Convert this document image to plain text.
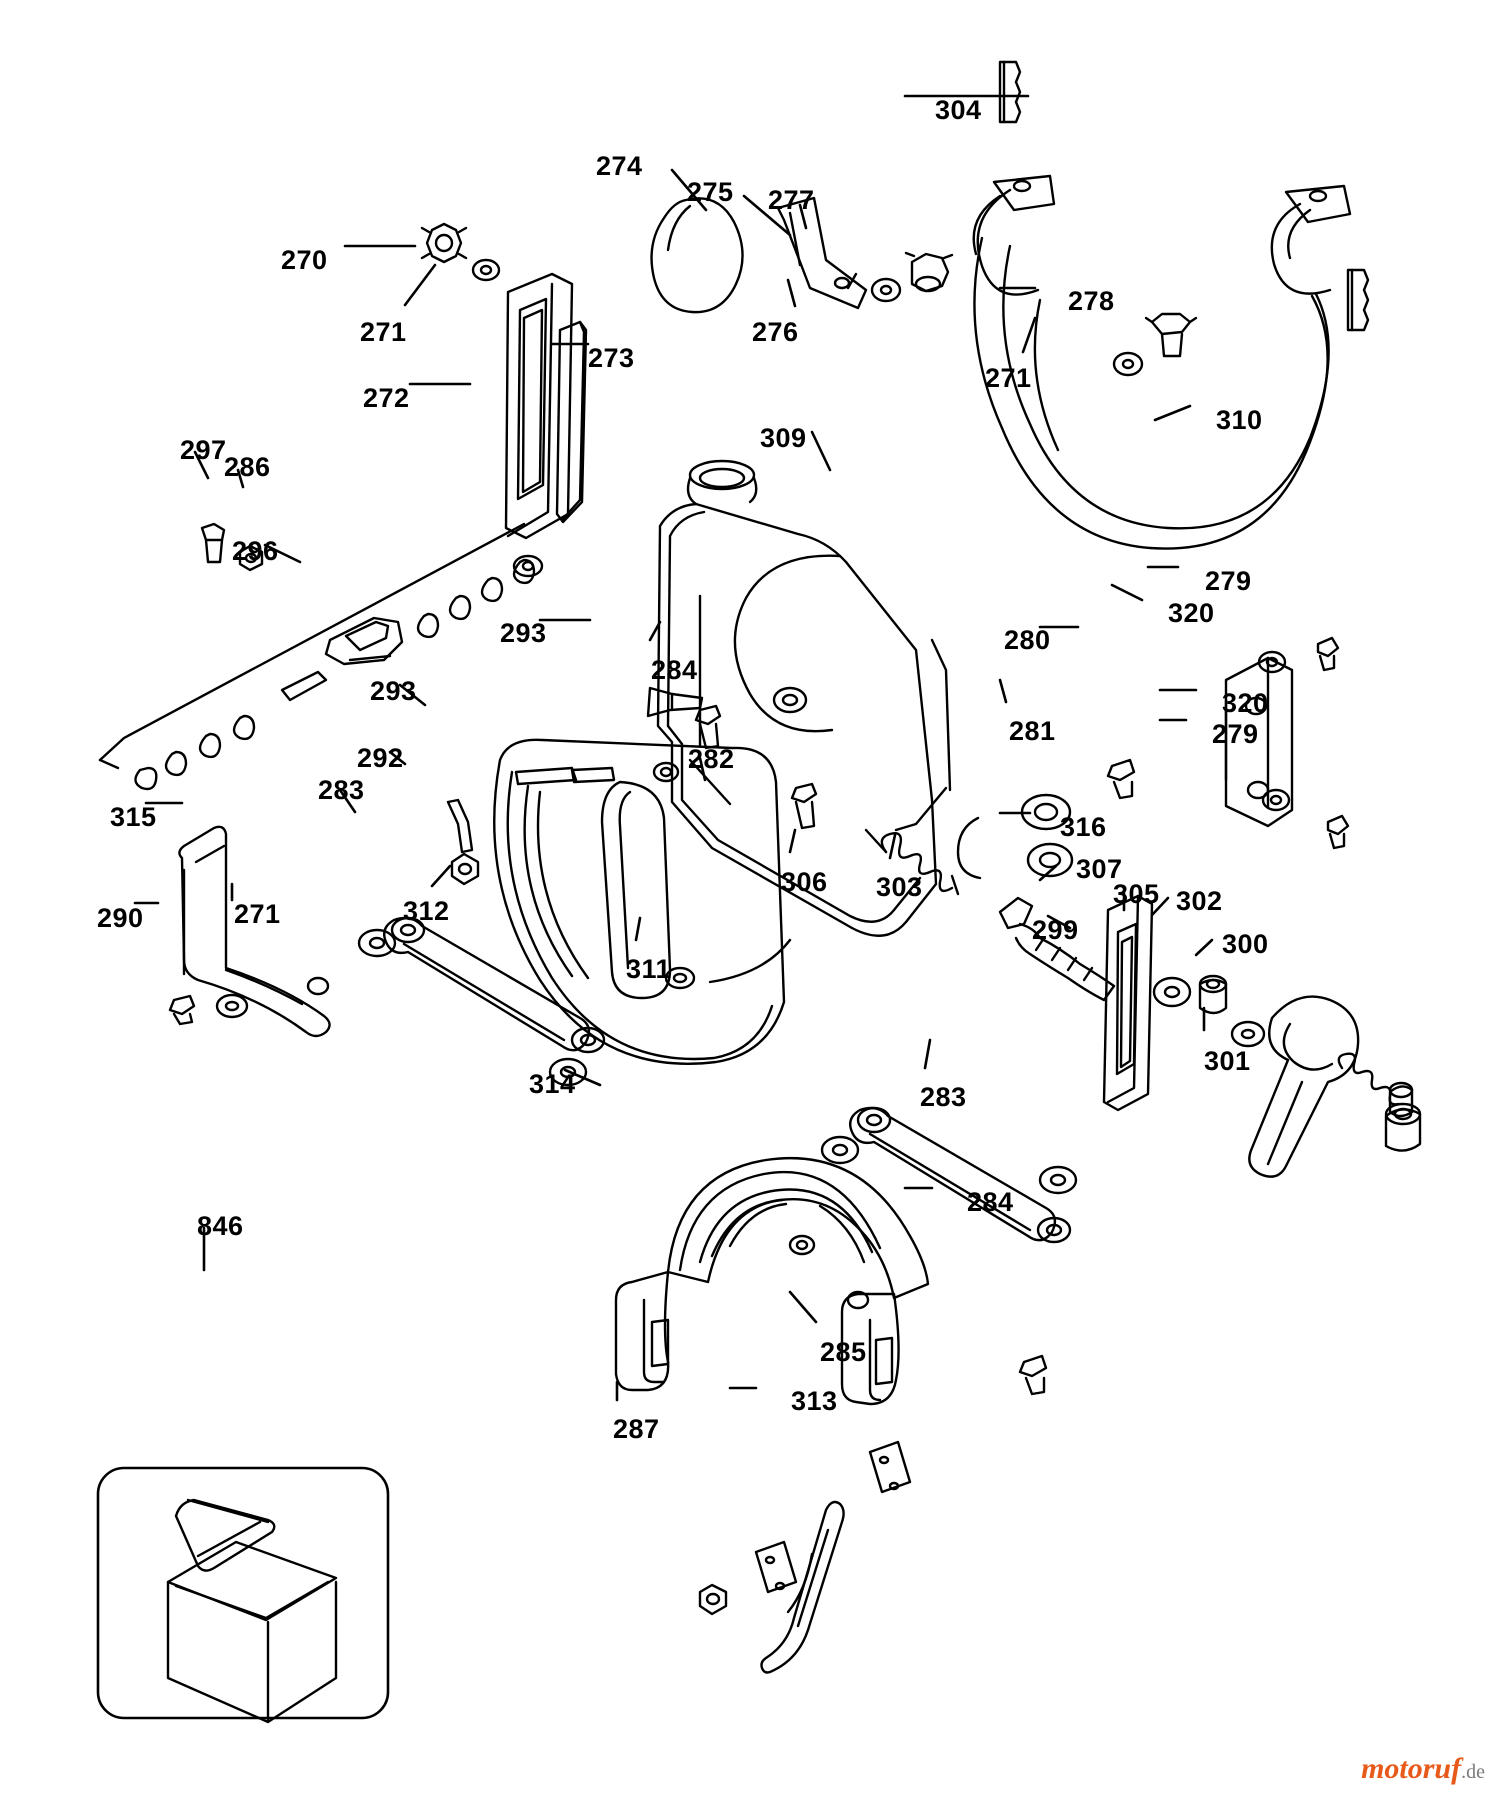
304
274
275 277
270
278
271	276
273
271
272
310
309
297
286
296
279
320
293	280
284
293	320
279
281
282
292
283
315	316
307
306 303	305 302
290	271	312
299	300
311
301
314	283
284
846
285
313
287
motoruf.de
